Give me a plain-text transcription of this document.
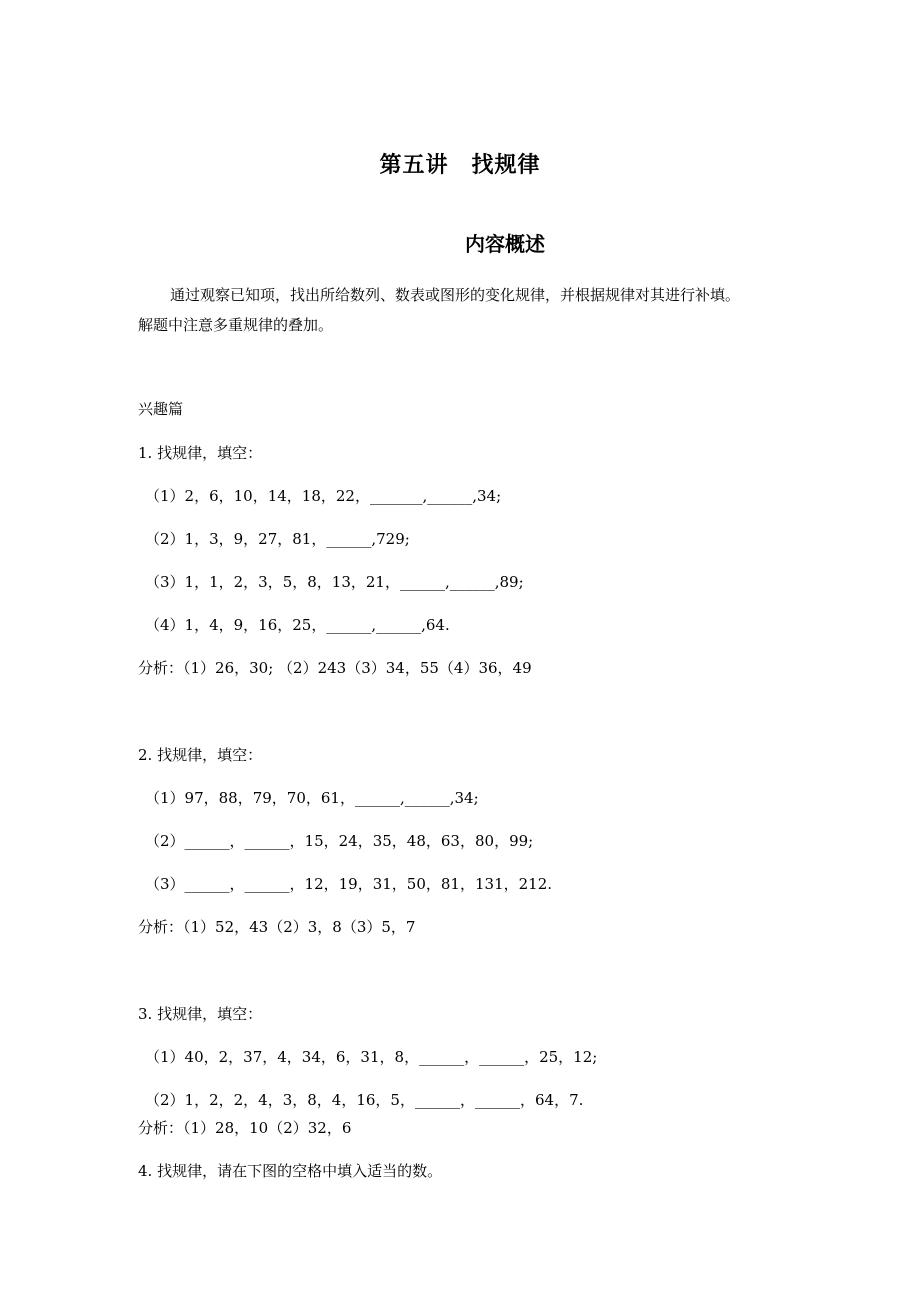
第五讲　找规律
内容概述

通过观察已知项，找出所给数列、数表或图形的变化规律，并根据规律对其进行补填。

解题中注意多重规律的叠加。

兴趣篇

1. 找规律，填空：

（1）2，6，10，14，18，22，_______,______,34;

（2）1，3，9，27，81，______,729;

（3）1，1，2，3，5，8，13，21，______,______,89;

（4）1，4，9，16，25，______,______,64.

分析：（1）26，30; （2）243（3）34，55（4）36，49

2. 找规律，填空：

（1）97，88，79，70，61，______,______,34;

（2）______，______，15，24，35，48，63，80，99;

（3）______，______，12，19，31，50，81，131，212.

分析：（1）52，43（2）3，8（3）5，7

3. 找规律，填空：

（1）40，2，37，4，34，6，31，8，______，______，25，12;

（2）1，2，2，4，3，8，4，16，5，______，______，64，7.

分析：（1）28，10（2）32，6

4. 找规律，请在下图的空格中填入适当的数。
